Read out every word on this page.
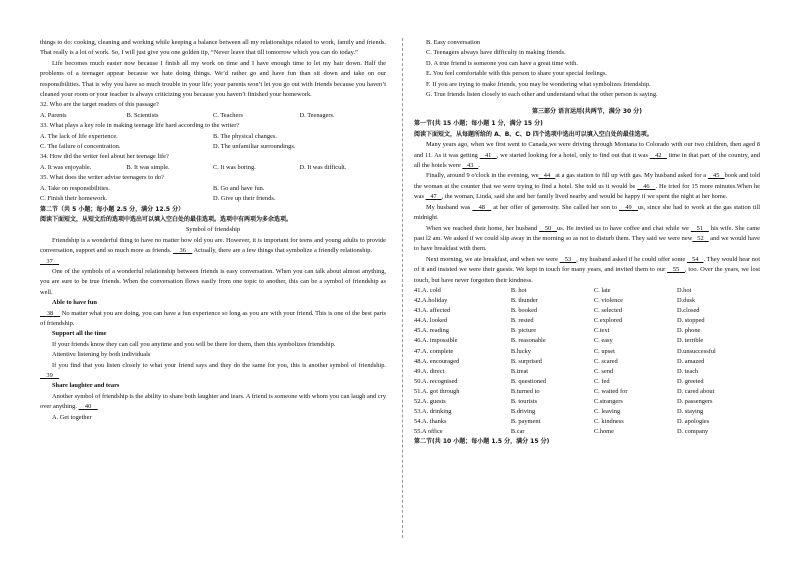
things to do: cooking, cleaning and working while keeping a balance between all my relationships related to work, family and friends. That really is a lot of work. So, I will just give you one golden tip, “Never leave that till tomorrow which you can do today.”

Life becomes much easier now because I finish all my work on time and I have enough time to let my hair down. Half the problems of a teenager appear because we hate doing things. We’d rather go and have fun than sit down and take on our responsibilities. That is why you have so much trouble in your life; your parents won’t let you go out with friends because you haven’t cleaned your room or your teacher is always criticizing you because you haven’t finished your homework.

32. Who are the target readers of this passage?

A. Parents	B. Scientists	C. Teachers	D. Teenagers.

33. What plays a key role in making teenage life hard according to the writer?

A. The lack of life experience.	B. The physical changes.
C. The failure of concentration.	D. The unfamiliar surroundings.

34. How did the writer feel about her teenage life?

A. It was enjoyable.	B. It was simple.	C. It was boring.	D. It was difficult.

35. What does the writer advise teenagers to do?

A. Take on responsibilities.	B. Go and have fun.
C. Finish their homework.	D. Give up their friends.

第二节（共 5 小题；每小题 2.5 分，满分 12.5 分）

阅读下面短文，从短文后的选项中选出可以填入空白处的最佳选项。选项中有两项为多余选项。

Symbol of friendship

Friendship is a wonderful thing to have no matter how old you are. However, it is important for teens and young adults to provide conversation, support and so much more as friends. 36 Actually, there are a few things that symbolize a friendly relationship.

37

One of the symbols of a wonderful relationship between friends is easy conversation. When you can talk about almost anything, you are sure to be true friends. When the conversation flows easily from one topic to another, this can be a symbol of friendship as well.

Able to have fun

38 No matter what you are doing, you can have a fun experience so long as you are with your friend. This is one of the best parts of friendship.

Support all the time

If your friends know they can call you anytime and you will be there for them, then this symbolizes friendship.

Attentive listening by both individuals

If you find that you listen closely to what your friend says and they do the same for you, this is another symbol of friendship.     39

Share laughter and tears

Another symbol of friendship is the ability to share both laughter and tears. A friend is someone with whom you can laugh and cry over anything. 40

A. Get together

B. Easy conversation

C. Teenagers always have difficulty in making friends.

D. A true friend is someone you can have a great time with.

E. You feel comfortable with this person to share your special feelings.

F. If you are trying to make friends, you may be wondering what symbolizes friendship.

G. True friends listen closely to each other and understand what the other person is saying.

第三部分 语言运用(共两节，满分 30 分)

第一节(共 15 小题；每小题 1 分，满分 15 分)

阅读下面短文，从每题所给的 A、B、C、D 四个选项中选出可以填入空白处的最佳选项。

Many years ago, when we first went to Canada,we were driving through Montana to Colorado with our two children, then aged 8 and 11. As it was getting 41 , we started looking for a hotel, only to find out that it was 42 time in that part of the country, and all the hotels were 43 .

Finally, around 9 o'clock in the evening, we 44 at a gas station to fill up with gas. My husband asked for a 45 book and told the woman at the counter that we were trying to find a hotel. She told us it would be 46 . He tried for 15 more minutes.When he was 47 , the woman, Linda, said she and her family lived nearby and would be happy if we spent the night at her home.

My husband was 48 at her offer of generosity. She called her son to 49 us, since she had to work at the gas station till midnight.

When we reached their home, her husband 50 us. He invited us to have coffee and chat while we 51 his wife. She came past l2 am. We asked if we could slip away in the morning so as not to disturb them. They said we were new 52 and we would have to have breakfast with them.

Next morning, we ate breakfast, and when we were 53 , my husband asked if he could offer some 54 . They would hear not of it and insisted we were their guests. We kept in touch for many years, and invited them to our 55 , too. Over the years, we lost touch, but have never forgotten their kindness.

41.A. cold	B. hot	C. late	D.hot
42.A.holiday	B. thunder	C. violence	D.dusk
43.A. affected	B. booked	C. selected	D.closed
44.A. looked	B. rested	C.explored	D. stopped
45.A. reading	B. picture	C.text	D. phone
46.A. impossible	B. reasonable	C. easy	D. terrible
47.A. complete	B.lucky	C. upset	D.unsuccessful
48.A. encouraged	B. surprised	C. scared	D. amazed
49.A. direct	B.treat	C. send	D. teach
50.A. recognised	B. questioned	C. fed	D. greeted
51.A. got through	B.turned to	C. waited for	D. cared about
52.A. guests	B. tourists	C.strangers	D. passengers
53.A. drinking	B.driving	C. leaving	D. staying
54.A. thanks	B. payment	C. kindness	D. apologies
55.A office	B.car	C.home	D. company

第二节(共 10 小题；每小题 1.5 分，满分 15 分)
